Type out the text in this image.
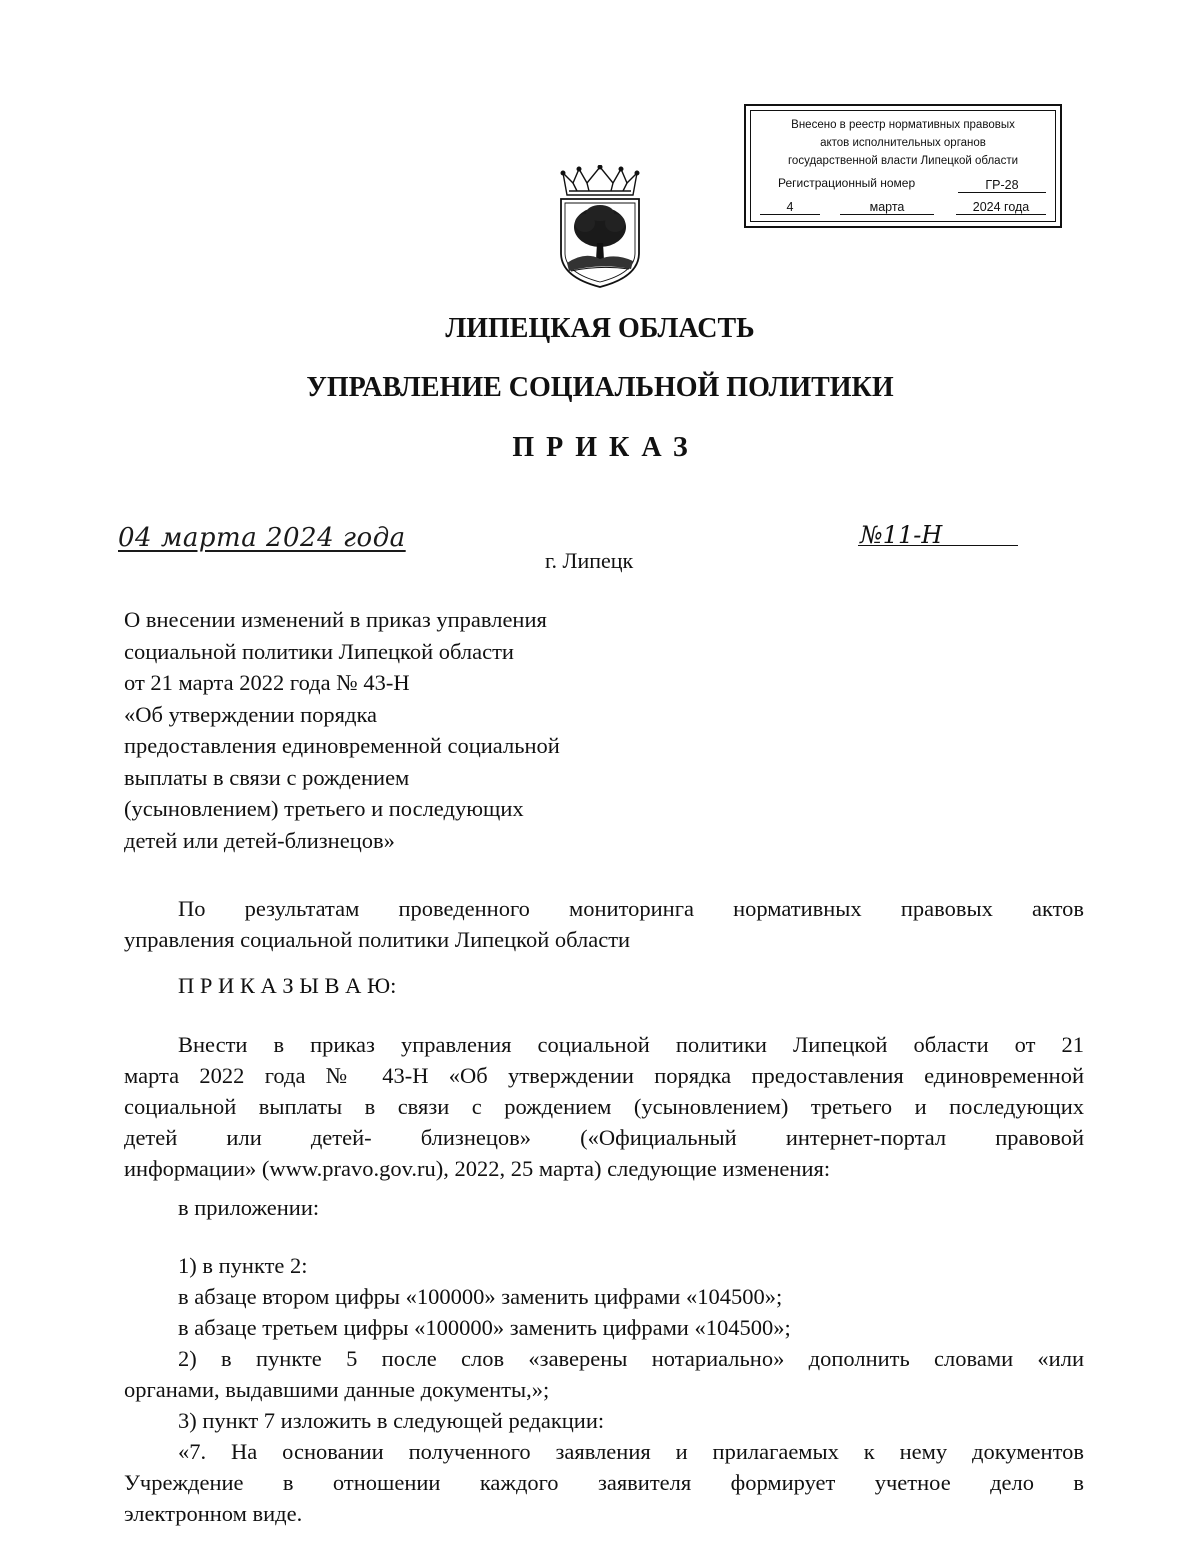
Внесено в реестр нормативных правовых
актов исполнительных органов
государственной власти Липецкой области
Регистрационный номер	ГР-28
4	марта	2024 года
ЛИПЕЦКАЯ ОБЛАСТЬ
УПРАВЛЕНИЕ СОЦИАЛЬНОЙ ПОЛИТИКИ
ПРИКАЗ
04 марта 2024 года	№11-Н
г. Липецк
О внесении изменений в приказ управления
социальной политики Липецкой области
от 21 марта 2022 года № 43-Н
«Об утверждении порядка
предоставления единовременной социальной
выплаты в связи с рождением
(усыновлением) третьего и последующих
детей или детей-близнецов»
По результатам проведенного мониторинга нормативных правовых актов
управления социальной политики Липецкой области
П Р И К А З Ы В А Ю:
Внести в приказ управления социальной политики Липецкой области от 21
марта 2022 года № 43-Н «Об утверждении порядка предоставления единовременной
социальной выплаты в связи с рождением (усыновлением) третьего и последующих
детей или детей- близнецов» («Официальный интернет-портал правовой
информации» (www.pravo.gov.ru), 2022, 25 марта) следующие изменения:
в приложении:
1) в пункте 2:
в абзаце втором цифры «100000» заменить цифрами «104500»;
в абзаце третьем цифры «100000» заменить цифрами «104500»;
2) в пункте 5 после слов «заверены нотариально» дополнить словами «или
органами, выдавшими данные документы,»;
3) пункт 7 изложить в следующей редакции:
«7. На основании полученного заявления и прилагаемых к нему документов
Учреждение в отношении каждого заявителя формирует учетное дело в
электронном виде.
